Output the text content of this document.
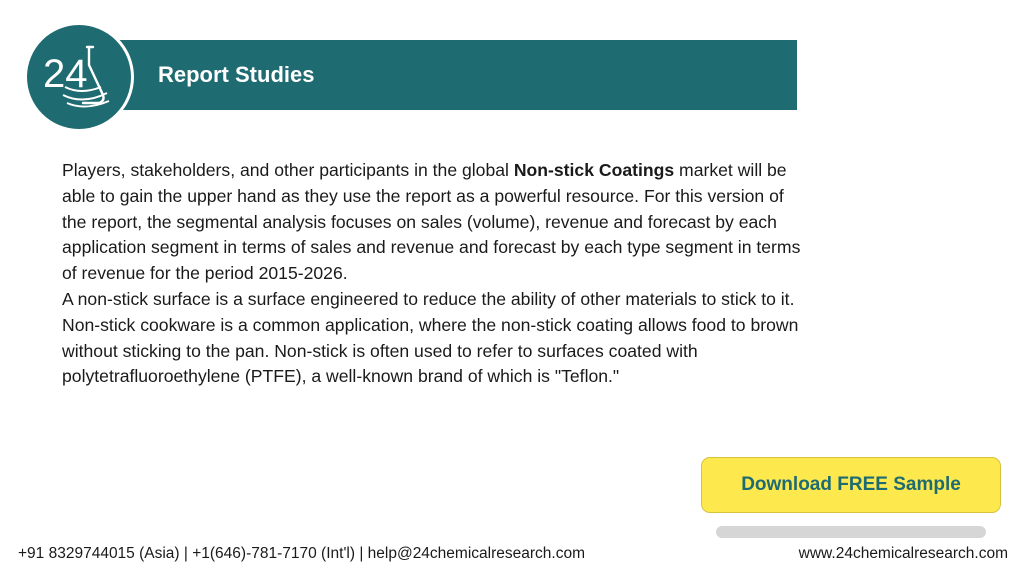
Report Studies
24

Players, stakeholders, and other participants in the global Non-stick Coatings market will be able to gain the upper hand as they use the report as a powerful resource. For this version of the report, the segmental analysis focuses on sales (volume), revenue and forecast by each application segment in terms of sales and revenue and forecast by each type segment in terms of revenue for the period 2015-2026.

A non-stick surface is a surface engineered to reduce the ability of other materials to stick to it. Non-stick cookware is a common application, where the non-stick coating allows food to brown without sticking to the pan. Non-stick is often used to refer to surfaces coated with polytetrafluoroethylene (PTFE), a well-known brand of which is "Teflon."

Download FREE Sample
+91 8329744015 (Asia) | +1(646)-781-7170 (Int'l) | help@24chemicalresearch.com	www.24chemicalresearch.com
